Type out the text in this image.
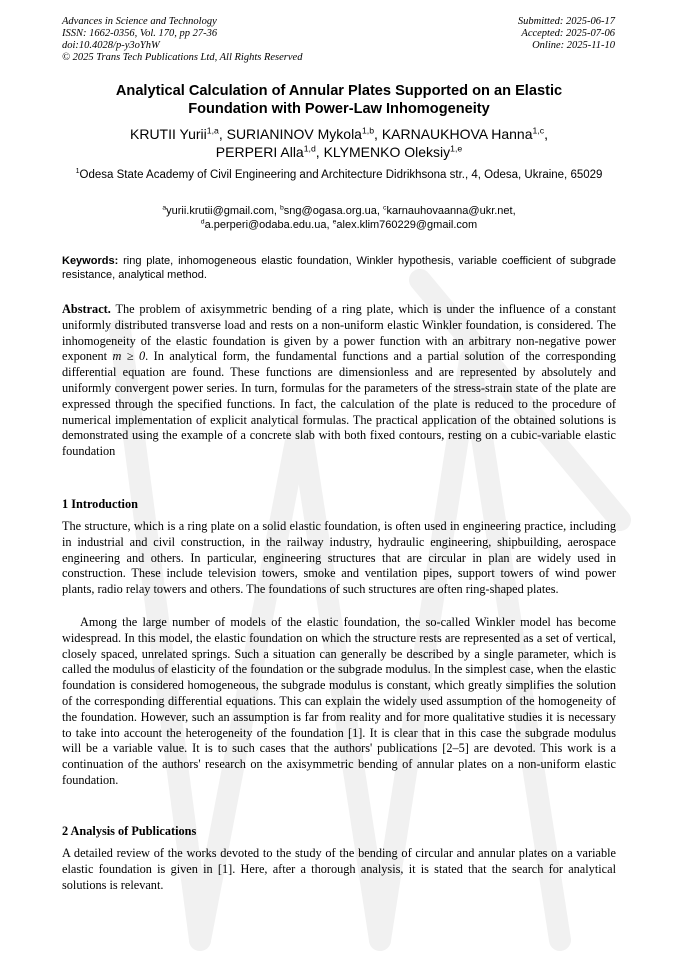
Advances in Science and Technology
ISSN: 1662-0356, Vol. 170, pp 27-36
doi:10.4028/p-y3oYhW
© 2025 Trans Tech Publications Ltd, All Rights Reserved
Submitted: 2025-06-17
Accepted: 2025-07-06
Online: 2025-11-10
Analytical Calculation of Annular Plates Supported on an Elastic
Foundation with Power-Law Inhomogeneity
KRUTII Yurii$^{1,a}$, SURIANINOV Mykola$^{1,b}$, KARNAUKHOVA Hanna$^{1,c}$,
PERPERI Alla$^{1,d}$, KLYMENKO Oleksiy$^{1,e}$
$^1$Odesa State Academy of Civil Engineering and Architecture Didrikhsona str., 4, Odesa, Ukraine, 65029
$^a$yurii.krutii@gmail.com, $^b$sng@ogasa.org.ua, $^c$karnauhovaanna@ukr.net,
$^d$a.perperi@odaba.edu.ua, $^e$alex.klim760229@gmail.com
Keywords: ring plate, inhomogeneous elastic foundation, Winkler hypothesis, variable coefficient of subgrade resistance, analytical method.
Abstract. The problem of axisymmetric bending of a ring plate, which is under the influence of a constant uniformly distributed transverse load and rests on a non-uniform elastic Winkler foundation, is considered. The inhomogeneity of the elastic foundation is given by a power function with an arbitrary non-negative power exponent m ≥ 0. In analytical form, the fundamental functions and a partial solution of the corresponding differential equation are found. These functions are dimensionless and are represented by absolutely and uniformly convergent power series. In turn, formulas for the parameters of the stress-strain state of the plate are expressed through the specified functions. In fact, the calculation of the plate is reduced to the procedure of numerical implementation of explicit analytical formulas. The practical application of the obtained solutions is demonstrated using the example of a concrete slab with both fixed contours, resting on a cubic-variable elastic foundation
1 Introduction
The structure, which is a ring plate on a solid elastic foundation, is often used in engineering practice, including in industrial and civil construction, in the railway industry, hydraulic engineering, shipbuilding, aerospace engineering and others. In particular, engineering structures that are circular in plan are widely used in construction. These include television towers, smoke and ventilation pipes, support towers of wind power plants, radio relay towers and others. The foundations of such structures are often ring-shaped plates.
Among the large number of models of the elastic foundation, the so-called Winkler model has become widespread. In this model, the elastic foundation on which the structure rests are represented as a set of vertical, closely spaced, unrelated springs. Such a situation can generally be described by a single parameter, which is called the modulus of elasticity of the foundation or the subgrade modulus. In the simplest case, when the elastic foundation is considered homogeneous, the subgrade modulus is constant, which greatly simplifies the solution of the corresponding differential equations. This can explain the widely used assumption of the homogeneity of the foundation. However, such an assumption is far from reality and for more qualitative studies it is necessary to take into account the heterogeneity of the foundation [1]. It is clear that in this case the subgrade modulus will be a variable value. It is to such cases that the authors' publications [2–5] are devoted. This work is a continuation of the authors' research on the axisymmetric bending of annular plates on a non-uniform elastic foundation.
2 Analysis of Publications
A detailed review of the works devoted to the study of the bending of circular and annular plates on a variable elastic foundation is given in [1]. Here, after a thorough analysis, it is stated that the search for analytical solutions is relevant.
